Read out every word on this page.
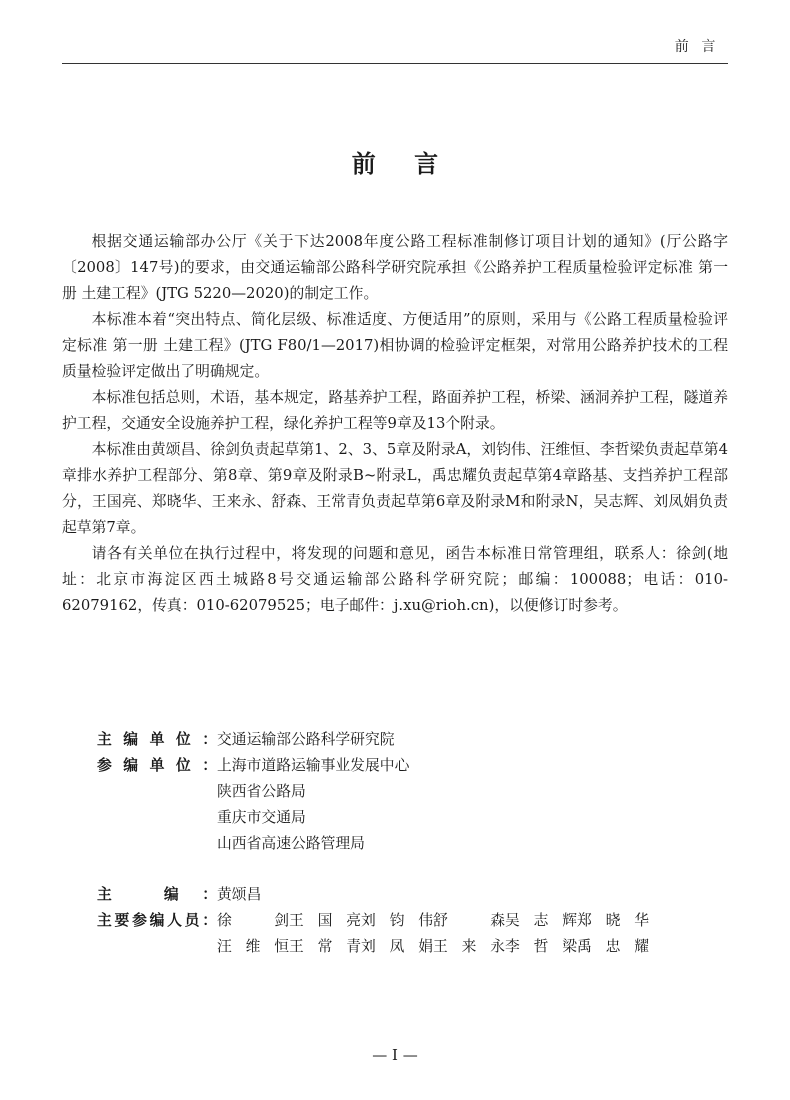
前言
前言

根据交通运输部办公厅《关于下达2008年度公路工程标准制修订项目计划的通知》(厅公路字〔2008〕147号)的要求，由交通运输部公路科学研究院承担《公路养护工程质量检验评定标准 第一册 土建工程》(JTG 5220—2020)的制定工作。

本标准本着“突出特点、简化层级、标准适度、方便适用”的原则，采用与《公路工程质量检验评定标准 第一册 土建工程》(JTG F80/1—2017)相协调的检验评定框架，对常用公路养护技术的工程质量检验评定做出了明确规定。

本标准包括总则，术语，基本规定，路基养护工程，路面养护工程，桥梁、涵洞养护工程，隧道养护工程，交通安全设施养护工程，绿化养护工程等9章及13个附录。

本标准由黄颂昌、徐剑负责起草第1、2、3、5章及附录A，刘钧伟、汪维恒、李哲梁负责起草第4章排水养护工程部分、第8章、第9章及附录B~附录L，禹忠耀负责起草第4章路基、支挡养护工程部分，王国亮、郑晓华、王来永、舒森、王常青负责起草第6章及附录M和附录N，吴志辉、刘凤娟负责起草第7章。

请各有关单位在执行过程中，将发现的问题和意见，函告本标准日常管理组，联系人：徐剑(地址：北京市海淀区西土城路8号交通运输部公路科学研究院；邮编：100088；电话：010-62079162，传真：010-62079525；电子邮件：j.xu@rioh.cn)，以便修订时参考。

主编单位： 交通运输部公路科学研究院
参编单位： 上海市道路运输事业发展中心
陕西省公路局
重庆市交通局
山西省高速公路管理局
主 编： 黄颂昌
主要参编人员： 徐 剑 王国亮 刘钧伟 舒 森 吴志辉 郑晓华
汪维恒 王常青 刘凤娟 王来永 李哲梁 禹忠耀
— I —
